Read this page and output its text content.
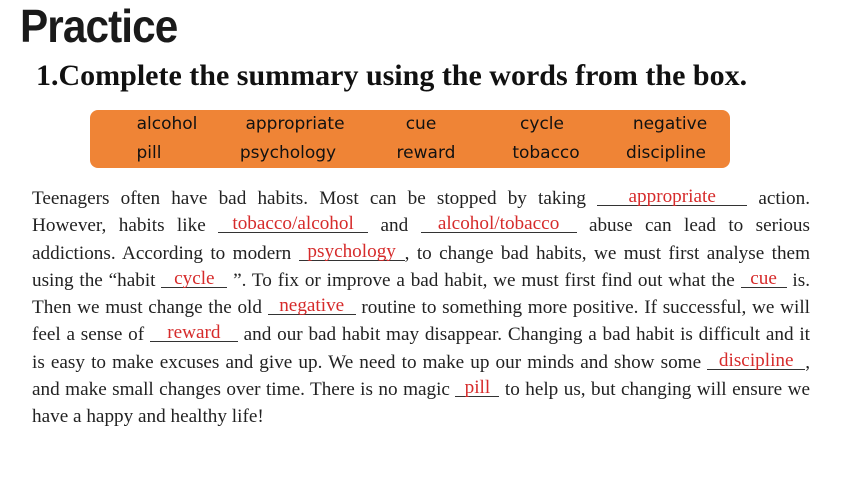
Practice
1.Complete the summary using the words from the box.
alcohol	appropriate	cue	cycle	negative
pill	psychology	reward	tobacco	discipline
Teenagers often have bad habits. Most can be stopped by taking appropriate action. However, habits like tobacco/alcohol and alcohol/tobacco abuse can lead to serious addictions. According to modern psychology , to change bad habits, we must first analyse them using the “habit cycle ”. To fix or improve a bad habit, we must first find out what the cue is. Then we must change the old negative routine to something more positive. If successful, we will feel a sense of reward and our bad habit may disappear. Changing a bad habit is difficult and it is easy to make excuses and give up. We need to make up our minds and show some discipline , and make small changes over time. There is no magic pill to help us, but changing will ensure we have a happy and healthy life!
